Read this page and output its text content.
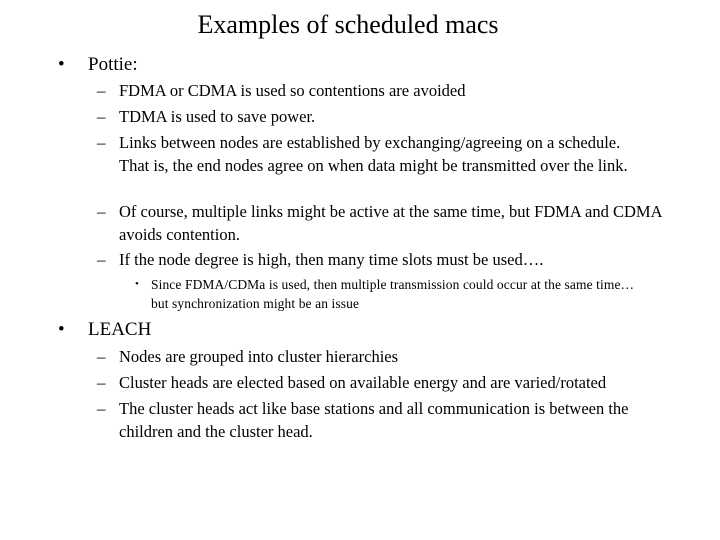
Examples of scheduled macs
• Pottie:
– FDMA or CDMA is used so contentions are avoided
– TDMA is used to save power.
– Links between nodes are established by exchanging/agreeing on a schedule. That is, the end nodes agree on when data might be transmitted over the link.
– Of course, multiple links might be active at the same time, but FDMA and CDMA avoids contention.
– If the node degree is high, then many time slots must be used….
• Since FDMA/CDMa is used, then multiple transmission could occur at the same time…but synchronization might be an issue
• LEACH
– Nodes are grouped into cluster hierarchies
– Cluster heads are elected based on available energy and are varied/rotated
– The cluster heads act like base stations and all communication is between the children and the cluster head.
